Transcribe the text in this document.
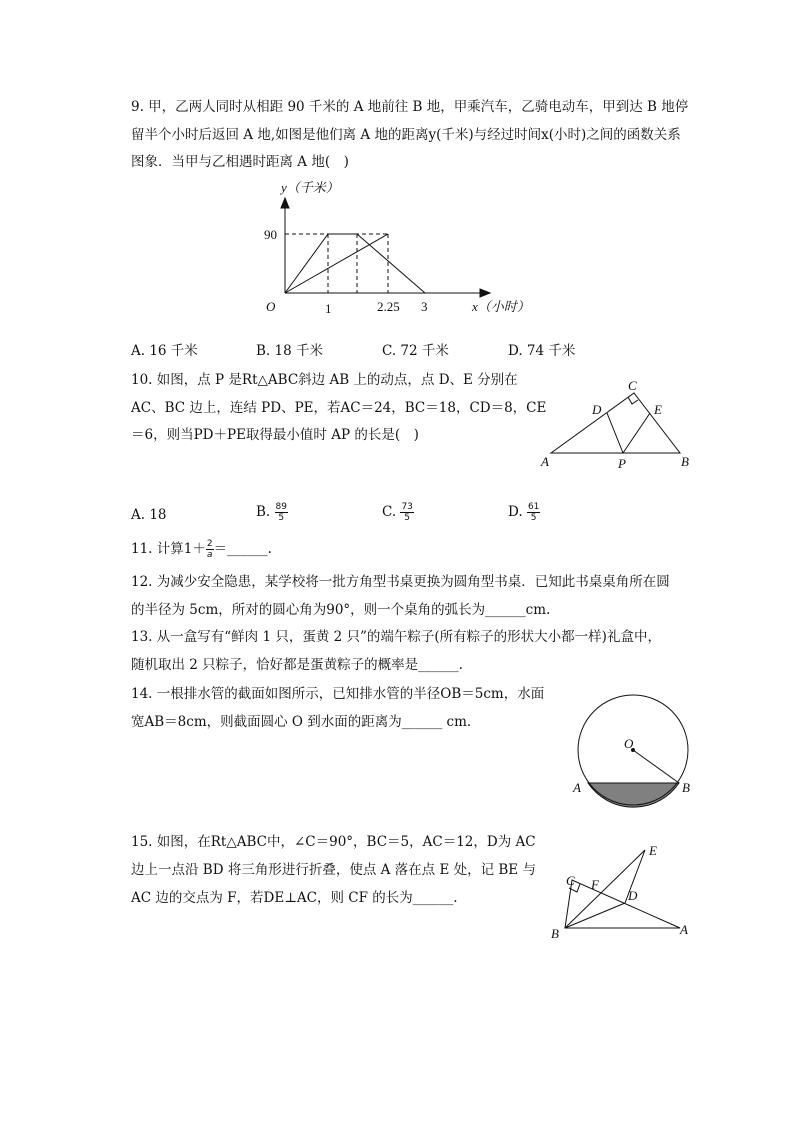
9. 甲，乙两人同时从相距 90 千米的 A 地前往 B 地，甲乘汽车，乙骑电动车，甲到达 B 地停
留半个小时后返回 A 地,如图是他们离 A 地的距离y(千米)与经过时间x(小时)之间的函数关系
图象．当甲与乙相遇时距离 A 地(　)
y（千米）
90
O	1	2.25 3	x（小时）
C
D	E
A	P	B
O
A	B
E
C F
D
B	A
A. 16 千米	B. 18 千米	C. 72 千米	D. 74 千米
10. 如图，点 P 是Rt△ABC斜边 AB 上的动点，点 D、E 分别在
AC、BC 边上，连结 PD、PE，若AC＝24，BC＝18，CD＝8，CE
＝6，则当PD＋PE取得最小值时 AP 的长是(　)
A. 18	B. $\frac{89}{5}$	C. $\frac{73}{5}$	D. $\frac{61}{5}$
11. 计算$1+ \frac{2}{a}$ ＝______.
12. 为减少安全隐患，某学校将一批方角型书桌更换为圆角型书桌．已知此书桌桌角所在圆
的半径为 5cm，所对的圆心角为90°，则一个桌角的弧长为______cm.
13. 从一盒写有“鲜肉 1 只，蛋黄 2 只”的端午粽子(所有粽子的形状大小都一样)礼盒中，
随机取出 2 只粽子，恰好都是蛋黄粽子的概率是______.
14. 一根排水管的截面如图所示，已知排水管的半径OB＝5cm，水面
宽AB＝8cm，则截面圆心 O 到水面的距离为______ cm.
15. 如图，在Rt△ABC中，∠C＝90°，BC＝5，AC＝12，D为 AC
边上一点沿 BD 将三角形进行折叠，使点 A 落在点 E 处，记 BE 与
AC 边的交点为 F，若DE⊥AC，则 CF 的长为______.
